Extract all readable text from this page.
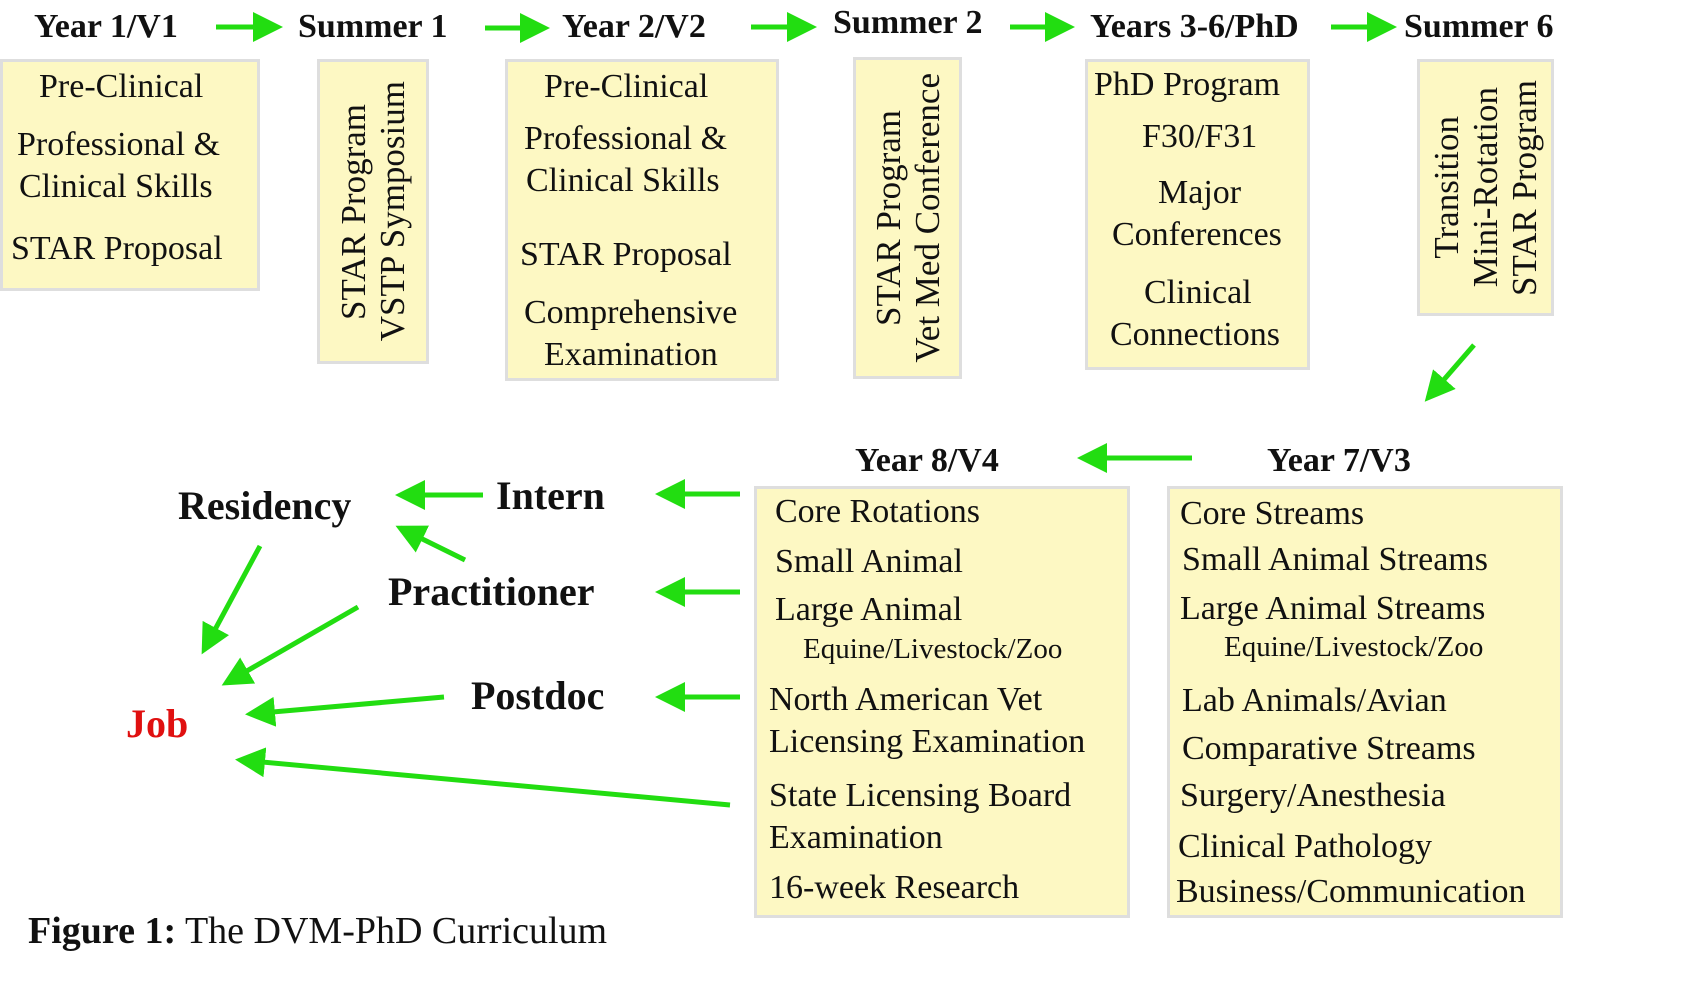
Year 1/V1	Summer 1	Year 2/V2	Summer 2	Years 3-6/PhD	Summer 6
Year 7/V3
Year 8/V4
Pre-Clinical
Professional &
Clinical Skills
STAR Proposal	STAR Program VSTP Symposium	Pre-Clinical
Professional &
Clinical Skills
STAR Proposal
Comprehensive
Examination
STAR Program Vet Med Conference	PhD Program
F30/F31
Major
Conferences
Clinical
Connections
Transition Mini-Rotation STAR Program
Core Rotations
Small Animal
Large Animal
Equine/Livestock/Zoo
North American Vet
Licensing Examination
State Licensing Board
Examination
16-week Research
Core Streams
Small Animal Streams
Large Animal Streams
Equine/Livestock/Zoo
Lab Animals/Avian
Comparative Streams
Surgery/Anesthesia
Clinical Pathology
Business/Communication
Residency	Intern
Practitioner
Postdoc
Job
Figure 1: The DVM-PhD Curriculum
